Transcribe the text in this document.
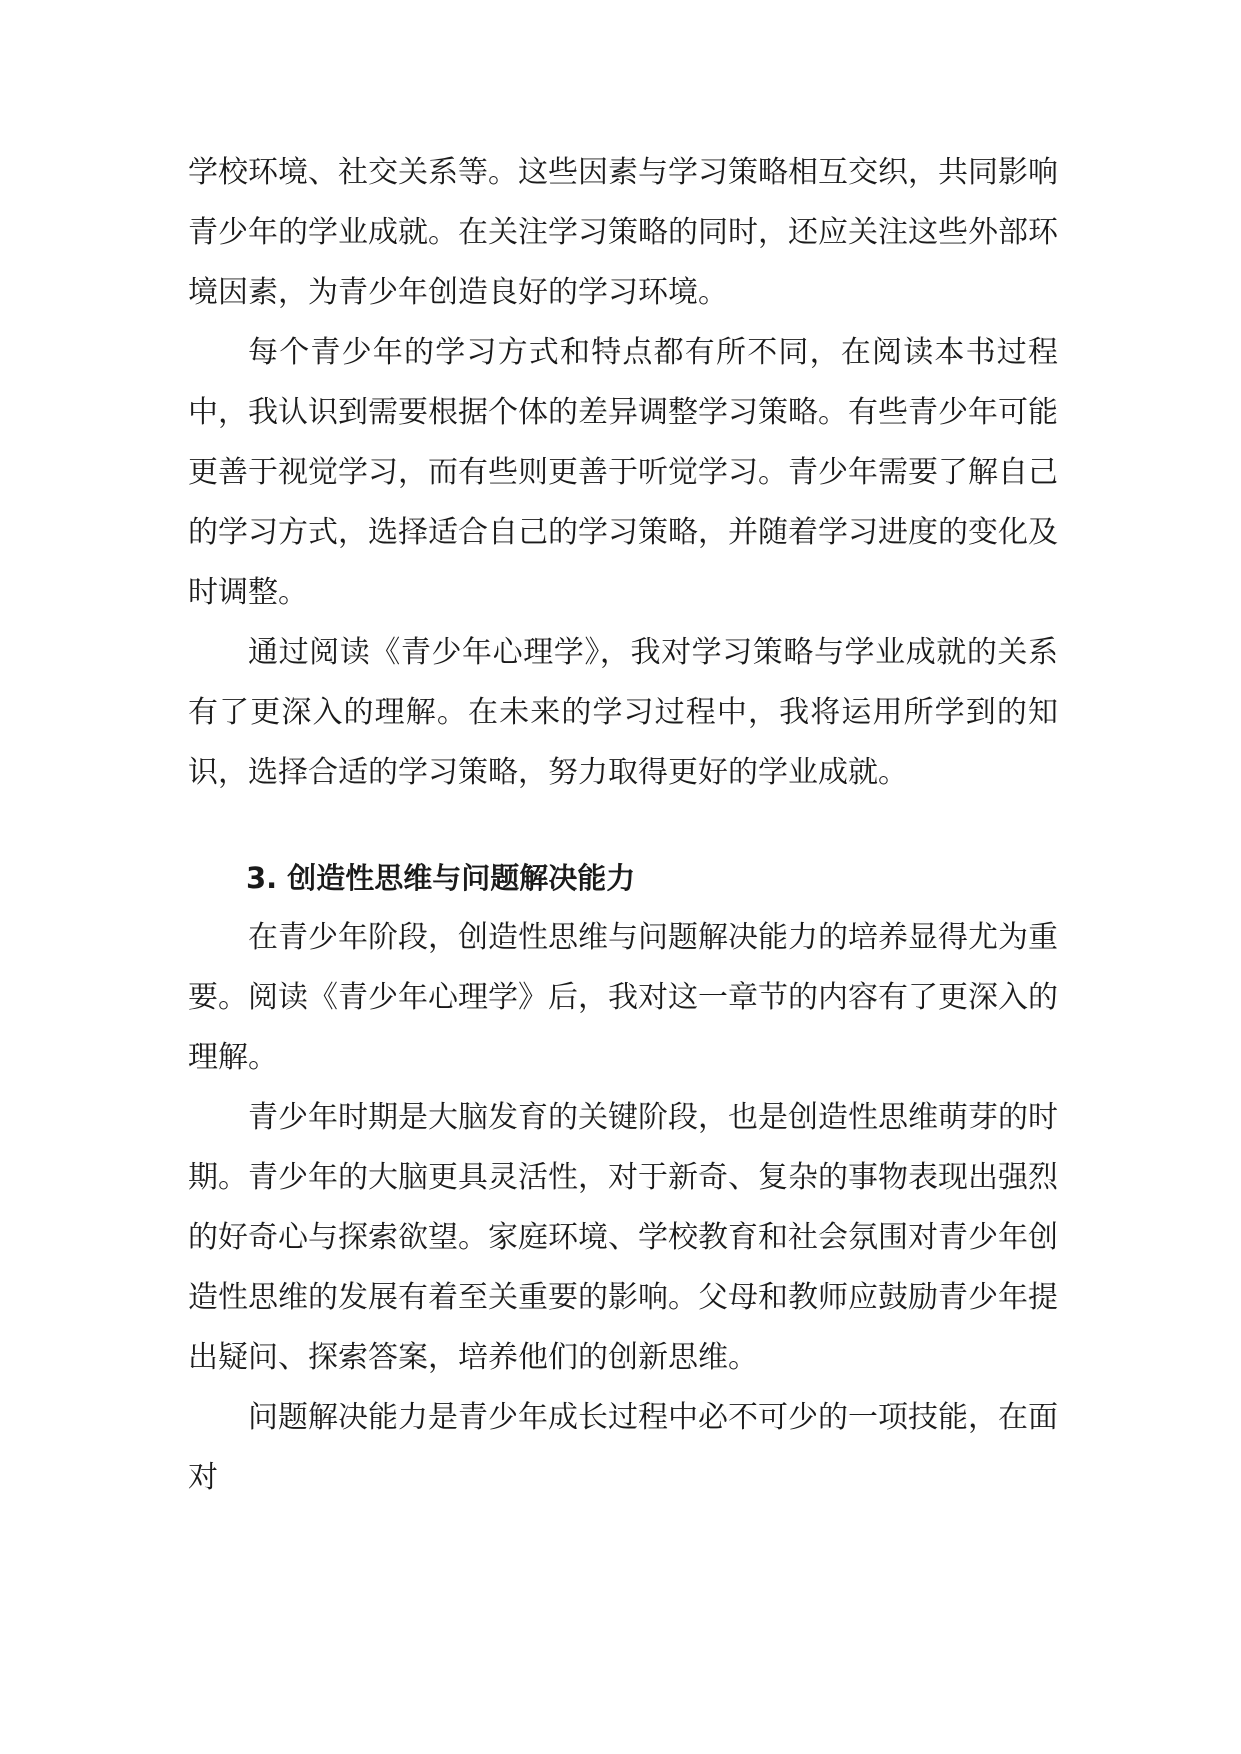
学校环境、社交关系等。这些因素与学习策略相互交织，共同影响青少年的学业成就。在关注学习策略的同时，还应关注这些外部环境因素，为青少年创造良好的学习环境。

每个青少年的学习方式和特点都有所不同，在阅读本书过程中，我认识到需要根据个体的差异调整学习策略。有些青少年可能更善于视觉学习，而有些则更善于听觉学习。青少年需要了解自己的学习方式，选择适合自己的学习策略，并随着学习进度的变化及时调整。

通过阅读《青少年心理学》，我对学习策略与学业成就的关系有了更深入的理解。在未来的学习过程中，我将运用所学到的知识，选择合适的学习策略，努力取得更好的学业成就。

3. 创造性思维与问题解决能力

在青少年阶段，创造性思维与问题解决能力的培养显得尤为重要。阅读《青少年心理学》后，我对这一章节的内容有了更深入的理解。

青少年时期是大脑发育的关键阶段，也是创造性思维萌芽的时期。青少年的大脑更具灵活性，对于新奇、复杂的事物表现出强烈的好奇心与探索欲望。家庭环境、学校教育和社会氛围对青少年创造性思维的发展有着至关重要的影响。父母和教师应鼓励青少年提出疑问、探索答案，培养他们的创新思维。

问题解决能力是青少年成长过程中必不可少的一项技能，在面对
